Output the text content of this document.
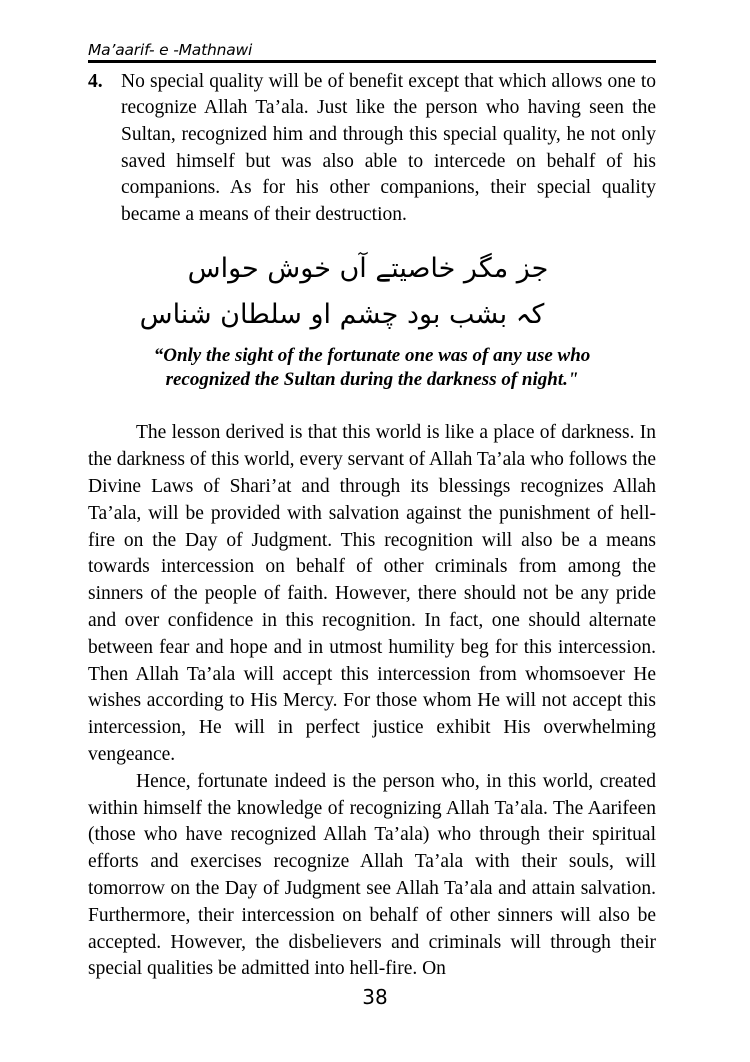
Ma’aarif- e -Mathnawi
4. No special quality will be of benefit except that which allows one to recognize Allah Ta’ala. Just like the person who having seen the Sultan, recognized him and through this special quality, he not only saved himself but was also able to intercede on behalf of his companions. As for his other companions, their special quality became a means of their destruction.
جز مگر خاصیتے آں خوش حواس
کہ بشب بود چشم او سلطان شناس
“Only the sight of the fortunate one was of any use who
recognized the Sultan during the darkness of night."

The lesson derived is that this world is like a place of darkness. In the darkness of this world, every servant of Allah Ta’ala who follows the Divine Laws of Shari’at and through its blessings recognizes Allah Ta’ala, will be provided with salvation against the punishment of hell-fire on the Day of Judgment. This recognition will also be a means towards intercession on behalf of other criminals from among the sinners of the people of faith. However, there should not be any pride and over confidence in this recognition. In fact, one should alternate between fear and hope and in utmost humility beg for this intercession. Then Allah Ta’ala will accept this intercession from whomsoever He wishes according to His Mercy. For those whom He will not accept this intercession, He will in perfect justice exhibit His overwhelming vengeance.

Hence, fortunate indeed is the person who, in this world, created within himself the knowledge of recognizing Allah Ta’ala. The Aarifeen (those who have recognized Allah Ta’ala) who through their spiritual efforts and exercises recognize Allah Ta’ala with their souls, will tomorrow on the Day of Judgment see Allah Ta’ala and attain salvation. Furthermore, their intercession on behalf of other sinners will also be accepted. However, the disbelievers and criminals will through their special qualities be admitted into hell-fire. On

38
